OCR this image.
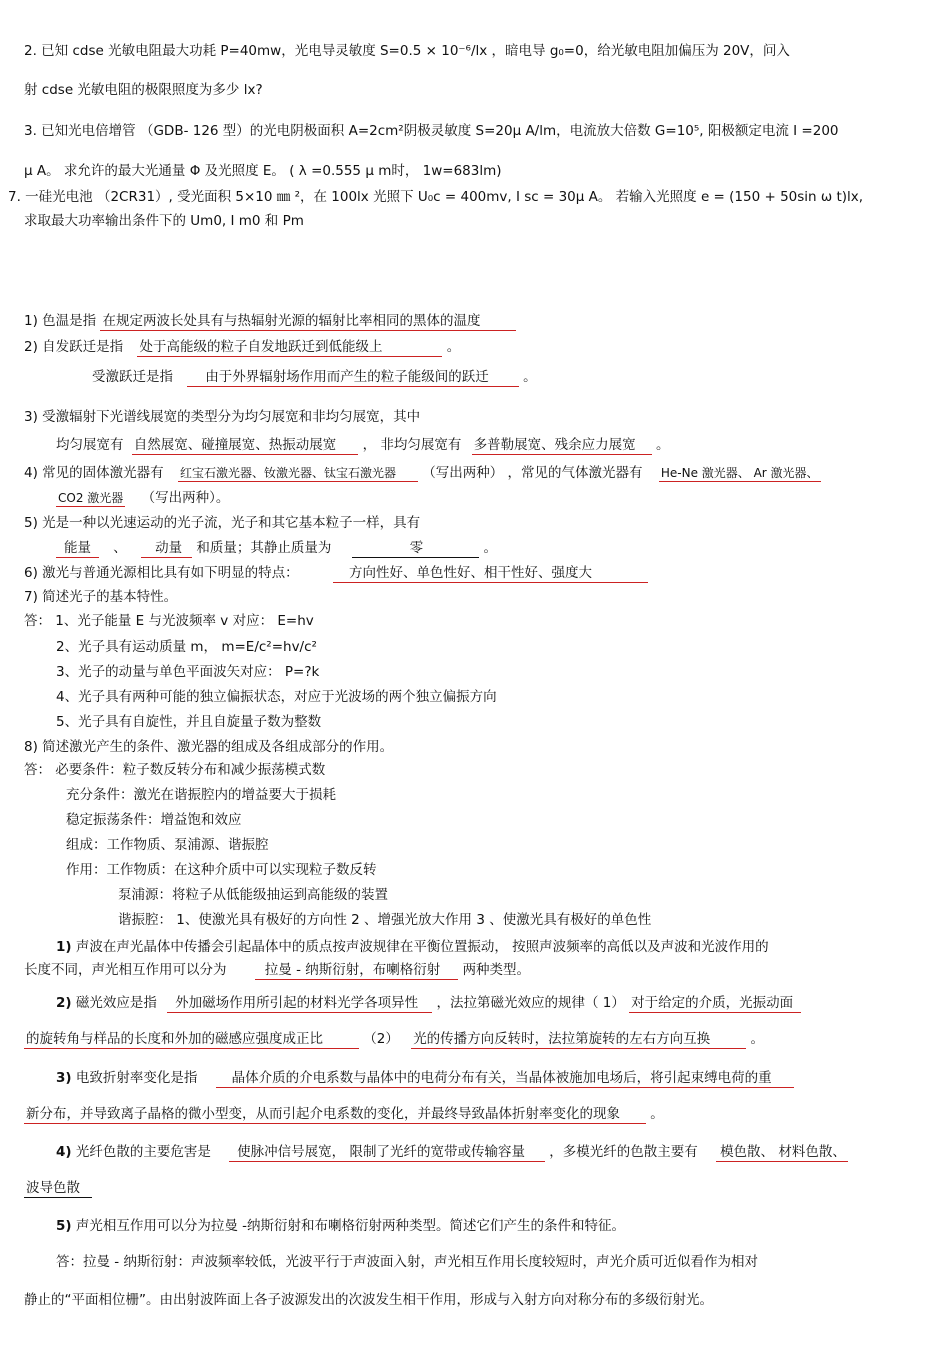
2. 已知 cdse 光敏电阻最大功耗 P=40mw，光电导灵敏度 S=0.5 × 10⁻⁶/lx ，暗电导 g₀=0，给光敏电阻加偏压为 20V，问入
射 cdse 光敏电阻的极限照度为多少 lx?
3. 已知光电倍增管 （GDB- 126 型）的光电阴极面积 A=2cm²阴极灵敏度 S=20μ A/lm，电流放大倍数 G=10⁵, 阳极额定电流 I =200
μ A。 求允许的最大光通量 Φ 及光照度 E。 ( λ =0.555 μ m时， 1w=683lm)
7. 一硅光电池 （2CR31）, 受光面积 5×10 ㎜ ²，在 100lx 光照下 U₀c = 400mv, I sc = 30μ A。 若输入光照度 e = (150 + 50sin ω t)lx,
求取最大功率输出条件下的 Um0, I m0 和 Pm
1) 色温是指 在规定两波长处具有与热辐射光源的辐射比率相同的黑体的温度
2) 自发跃迁是指 处于高能级的粒子自发地跃迁到低能级上	。
受激跃迁是指 由于外界辐射场作用而产生的粒子能级间的跃迁	。
3) 受激辐射下光谱线展宽的类型分为均匀展宽和非均匀展宽，其中
均匀展宽有 自然展宽、碰撞展宽、热振动展宽 ， 非均匀展宽有 多普勒展宽、残余应力展宽 。
4) 常见的固体激光器有 红宝石激光器、钕激光器、钛宝石激光器 （写出两种） ，常见的气体激光器有 He-Ne 激光器、 Ar 激光器、
CO2 激光器 （写出两种）。
5) 光是一种以光速运动的光子流，光子和其它基本粒子一样，具有
能量 、 动量 和质量；其静止质量为	零	。
6) 激光与普通光源相比具有如下明显的特点：	方向性好、单色性好、相干性好、强度大
7) 简述光子的基本特性。
答： 1、光子能量 E 与光波频率 v 对应： E=hv
2、光子具有运动质量 m， m=E/c²=hv/c²
3、光子的动量与单色平面波矢对应： P=?k
4、光子具有两种可能的独立偏振状态，对应于光波场的两个独立偏振方向
5、光子具有自旋性，并且自旋量子数为整数
8) 简述激光产生的条件、激光器的组成及各组成部分的作用。
答： 必要条件：粒子数反转分布和减少振荡模式数
充分条件：激光在谐振腔内的增益要大于损耗
稳定振荡条件：增益饱和效应
组成：工作物质、泵浦源、谐振腔
作用：工作物质：在这种介质中可以实现粒子数反转
泵浦源：将粒子从低能级抽运到高能级的装置
谐振腔： 1、使激光具有极好的方向性 2 、增强光放大作用 3 、使激光具有极好的单色性
1) 声波在声光晶体中传播会引起晶体中的质点按声波规律在平衡位置振动， 按照声波频率的高低以及声波和光波作用的
长度不同，声光相互作用可以分为	拉曼 - 纳斯衍射，布喇格衍射 两种类型。
2) 磁光效应是指 外加磁场作用所引起的材料光学各项异性 ，法拉第磁光效应的规律（ 1） 对于给定的介质，光振动面
的旋转角与样品的长度和外加的磁感应强度成正比	（2） 光的传播方向反转时，法拉第旋转的左右方向互换	。
3) 电致折射率变化是指	晶体介质的介电系数与晶体中的电荷分布有关，当晶体被施加电场后，将引起束缚电荷的重
新分布，并导致离子晶格的微小型变，从而引起介电系数的变化，并最终导致晶体折射率变化的现象 。
4) 光纤色散的主要危害是 使脉冲信号展宽， 限制了光纤的宽带或传输容量 ，多模光纤的色散主要有 模色散、 材料色散、
波导色散
5) 声光相互作用可以分为拉曼 -纳斯衍射和布喇格衍射两种类型。简述它们产生的条件和特征。
答：拉曼 - 纳斯衍射：声波频率较低，光波平行于声波面入射，声光相互作用长度较短时，声光介质可近似看作为相对
静止的“平面相位栅”。由出射波阵面上各子波源发出的次波发生相干作用，形成与入射方向对称分布的多级衍射光。
